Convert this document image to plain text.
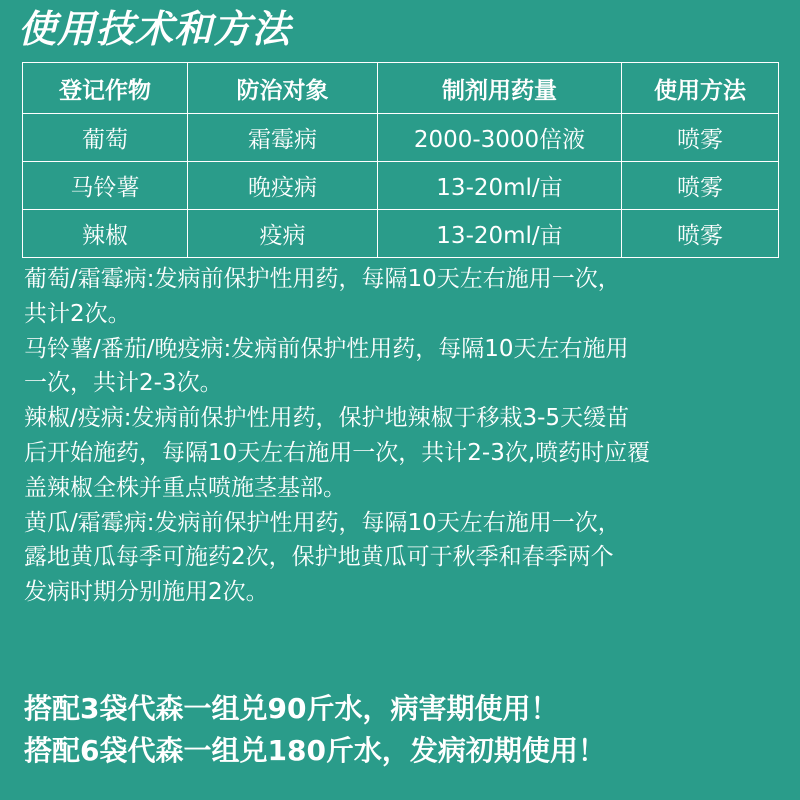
使用技术和方法
登记作物	防治对象	制剂用药量	使用方法
葡萄	霜霉病	2000-3000倍液	喷雾
马铃薯	晚疫病	13-20ml/亩	喷雾
辣椒	疫病	13-20ml/亩	喷雾

葡萄/霜霉病:发病前保护性用药，每隔10天左右施用一次，

共计2次。

马铃薯/番茄/晚疫病:发病前保护性用药，每隔10天左右施用

一次，共计2-3次。

辣椒/疫病:发病前保护性用药，保护地辣椒于移栽3-5天缓苗

后开始施药，每隔10天左右施用一次，共计2-3次,喷药时应覆

盖辣椒全株并重点喷施茎基部。

黄瓜/霜霉病:发病前保护性用药，每隔10天左右施用一次，

露地黄瓜每季可施药2次，保护地黄瓜可于秋季和春季两个

发病时期分别施用2次。

搭配3袋代森一组兑90斤水，病害期使用！

搭配6袋代森一组兑180斤水，发病初期使用！
